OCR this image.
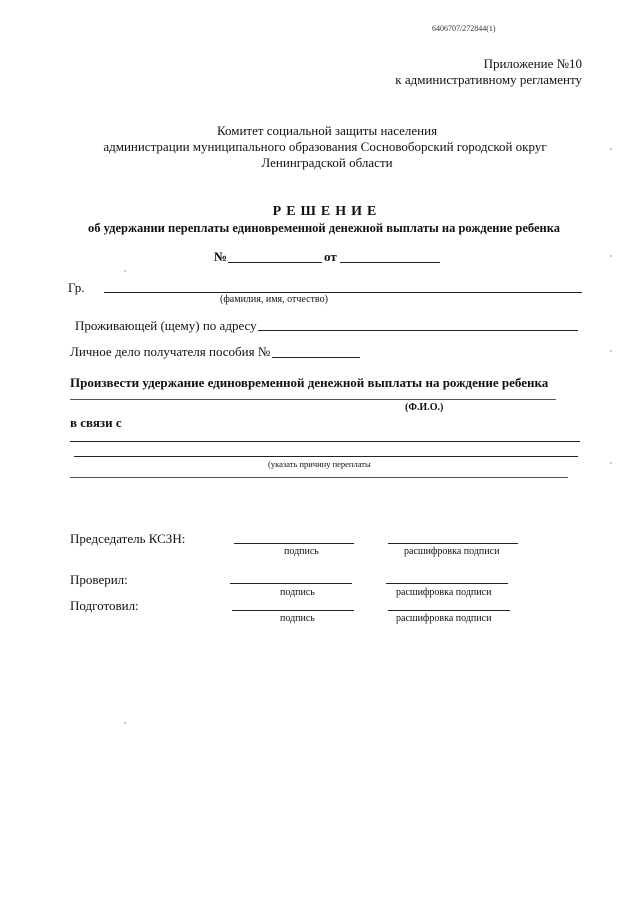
6406707/272844(1)
Приложение №10
к административному регламенту
Комитет социальной защиты населения
администрации муниципального образования Сосновоборский городской округ
Ленинградской области
РЕШЕНИЕ
об удержании переплаты единовременной денежной выплаты на рождение ребенка
№	от
Гр.
(фамилия, имя, отчество)
Проживающей (щему) по адресу
Личное дело получателя пособия №
Произвести удержание единовременной денежной выплаты на рождение ребенка
(Ф.И.О.)
в связи с
(указать причину переплаты
Председатель КСЗН:
подпись	расшифровка подписи
Проверил:
подпись	расшифровка подписи
Подготовил:
подпись	расшифровка подписи
